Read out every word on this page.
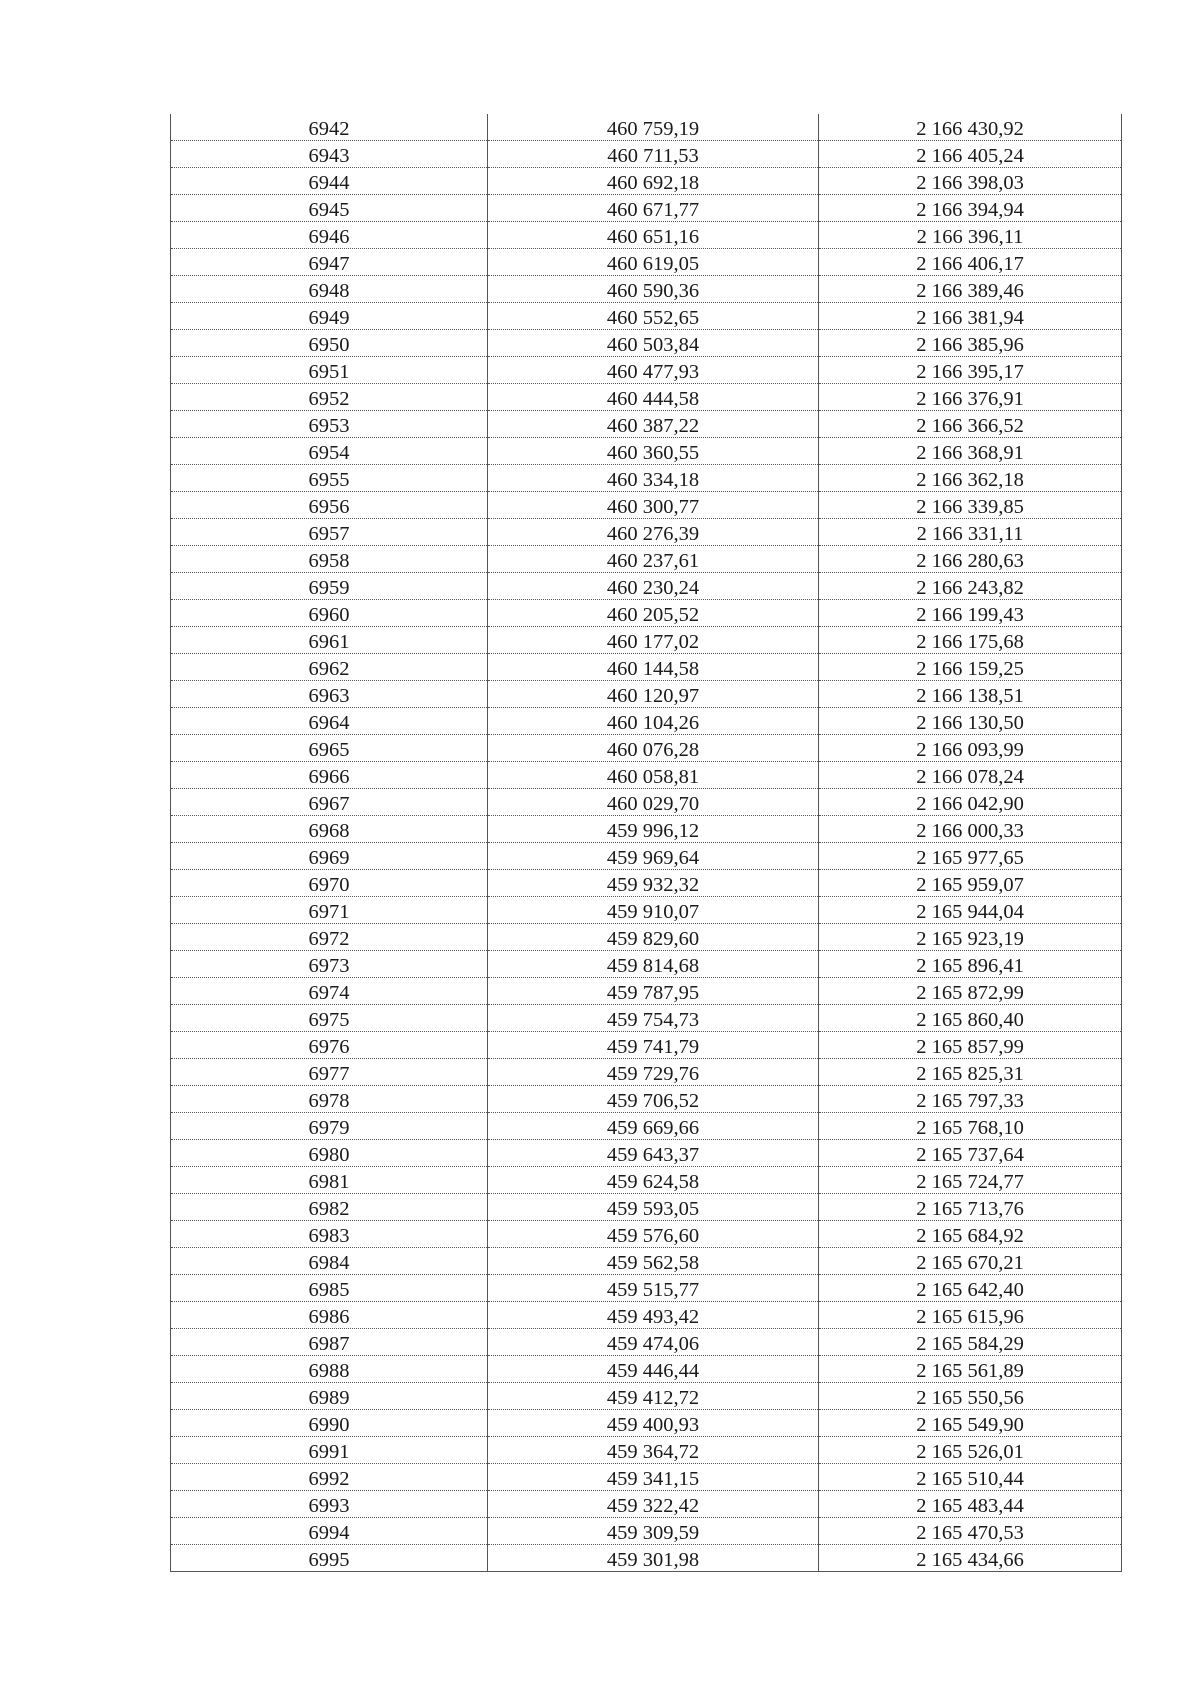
6942	460 759,19	2 166 430,92
6943	460 711,53	2 166 405,24
6944	460 692,18	2 166 398,03
6945	460 671,77	2 166 394,94
6946	460 651,16	2 166 396,11
6947	460 619,05	2 166 406,17
6948	460 590,36	2 166 389,46
6949	460 552,65	2 166 381,94
6950	460 503,84	2 166 385,96
6951	460 477,93	2 166 395,17
6952	460 444,58	2 166 376,91
6953	460 387,22	2 166 366,52
6954	460 360,55	2 166 368,91
6955	460 334,18	2 166 362,18
6956	460 300,77	2 166 339,85
6957	460 276,39	2 166 331,11
6958	460 237,61	2 166 280,63
6959	460 230,24	2 166 243,82
6960	460 205,52	2 166 199,43
6961	460 177,02	2 166 175,68
6962	460 144,58	2 166 159,25
6963	460 120,97	2 166 138,51
6964	460 104,26	2 166 130,50
6965	460 076,28	2 166 093,99
6966	460 058,81	2 166 078,24
6967	460 029,70	2 166 042,90
6968	459 996,12	2 166 000,33
6969	459 969,64	2 165 977,65
6970	459 932,32	2 165 959,07
6971	459 910,07	2 165 944,04
6972	459 829,60	2 165 923,19
6973	459 814,68	2 165 896,41
6974	459 787,95	2 165 872,99
6975	459 754,73	2 165 860,40
6976	459 741,79	2 165 857,99
6977	459 729,76	2 165 825,31
6978	459 706,52	2 165 797,33
6979	459 669,66	2 165 768,10
6980	459 643,37	2 165 737,64
6981	459 624,58	2 165 724,77
6982	459 593,05	2 165 713,76
6983	459 576,60	2 165 684,92
6984	459 562,58	2 165 670,21
6985	459 515,77	2 165 642,40
6986	459 493,42	2 165 615,96
6987	459 474,06	2 165 584,29
6988	459 446,44	2 165 561,89
6989	459 412,72	2 165 550,56
6990	459 400,93	2 165 549,90
6991	459 364,72	2 165 526,01
6992	459 341,15	2 165 510,44
6993	459 322,42	2 165 483,44
6994	459 309,59	2 165 470,53
6995	459 301,98	2 165 434,66
